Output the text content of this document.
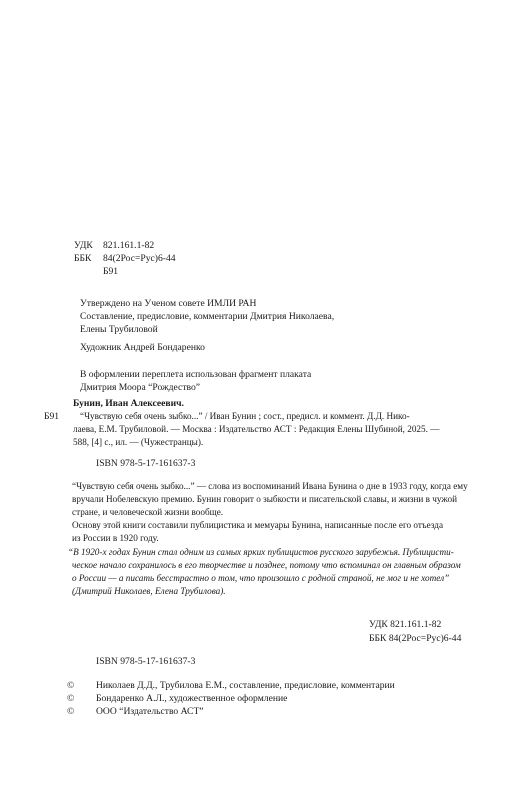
УДК 821.161.1-82
ББК 84(2Рос=Рус)6-44
Б91
Утверждено на Ученом совете ИМЛИ РАН
Составление, предисловие, комментарии Дмитрия Николаева,
Елены Трубиловой
Художник Андрей Бондаренко
В оформлении переплета использован фрагмент плаката
Дмитрия Моора “Рождество”
Бунин, Иван Алексеевич.
Б91 “Чувствую себя очень зыбко...” / Иван Бунин ; сост., предисл. и коммент. Д.Д. Нико-
лаева, Е.М. Трубиловой. — Москва : Издательство АСТ : Редакция Елены Шубиной, 2025. —
588, [4] с., ил. — (Чужестранцы).
ISBN 978-5-17-161637-3
“Чувствую себя очень зыбко...” — слова из воспоминаний Ивана Бунина о дне в 1933 году, когда ему
вручали Нобелевскую премию. Бунин говорит о зыбкости и писательской славы, и жизни в чужой
стране, и человеческой жизни вообще.
Основу этой книги составили публицистика и мемуары Бунина, написанные после его отъезда
из России в 1920 году.
“В 1920-х годах Бунин стал одним из самых ярких публицистов русского зарубежья. Публицисти-
ческое начало сохранилось в его творчестве и позднее, потому что вспоминал он главным образом
о России — а писать бесстрастно о том, что произошло с родной страной, не мог и не хотел”
(Дмитрий Николаев, Елена Трубилова).
УДК 821.161.1-82
ББК 84(2Рос=Рус)6-44
ISBN 978-5-17-161637-3
© Николаев Д.Д., Трубилова Е.М., составление, предисловие, комментарии
© Бондаренко А.Л., художественное оформление
© ООО “Издательство АСТ”
